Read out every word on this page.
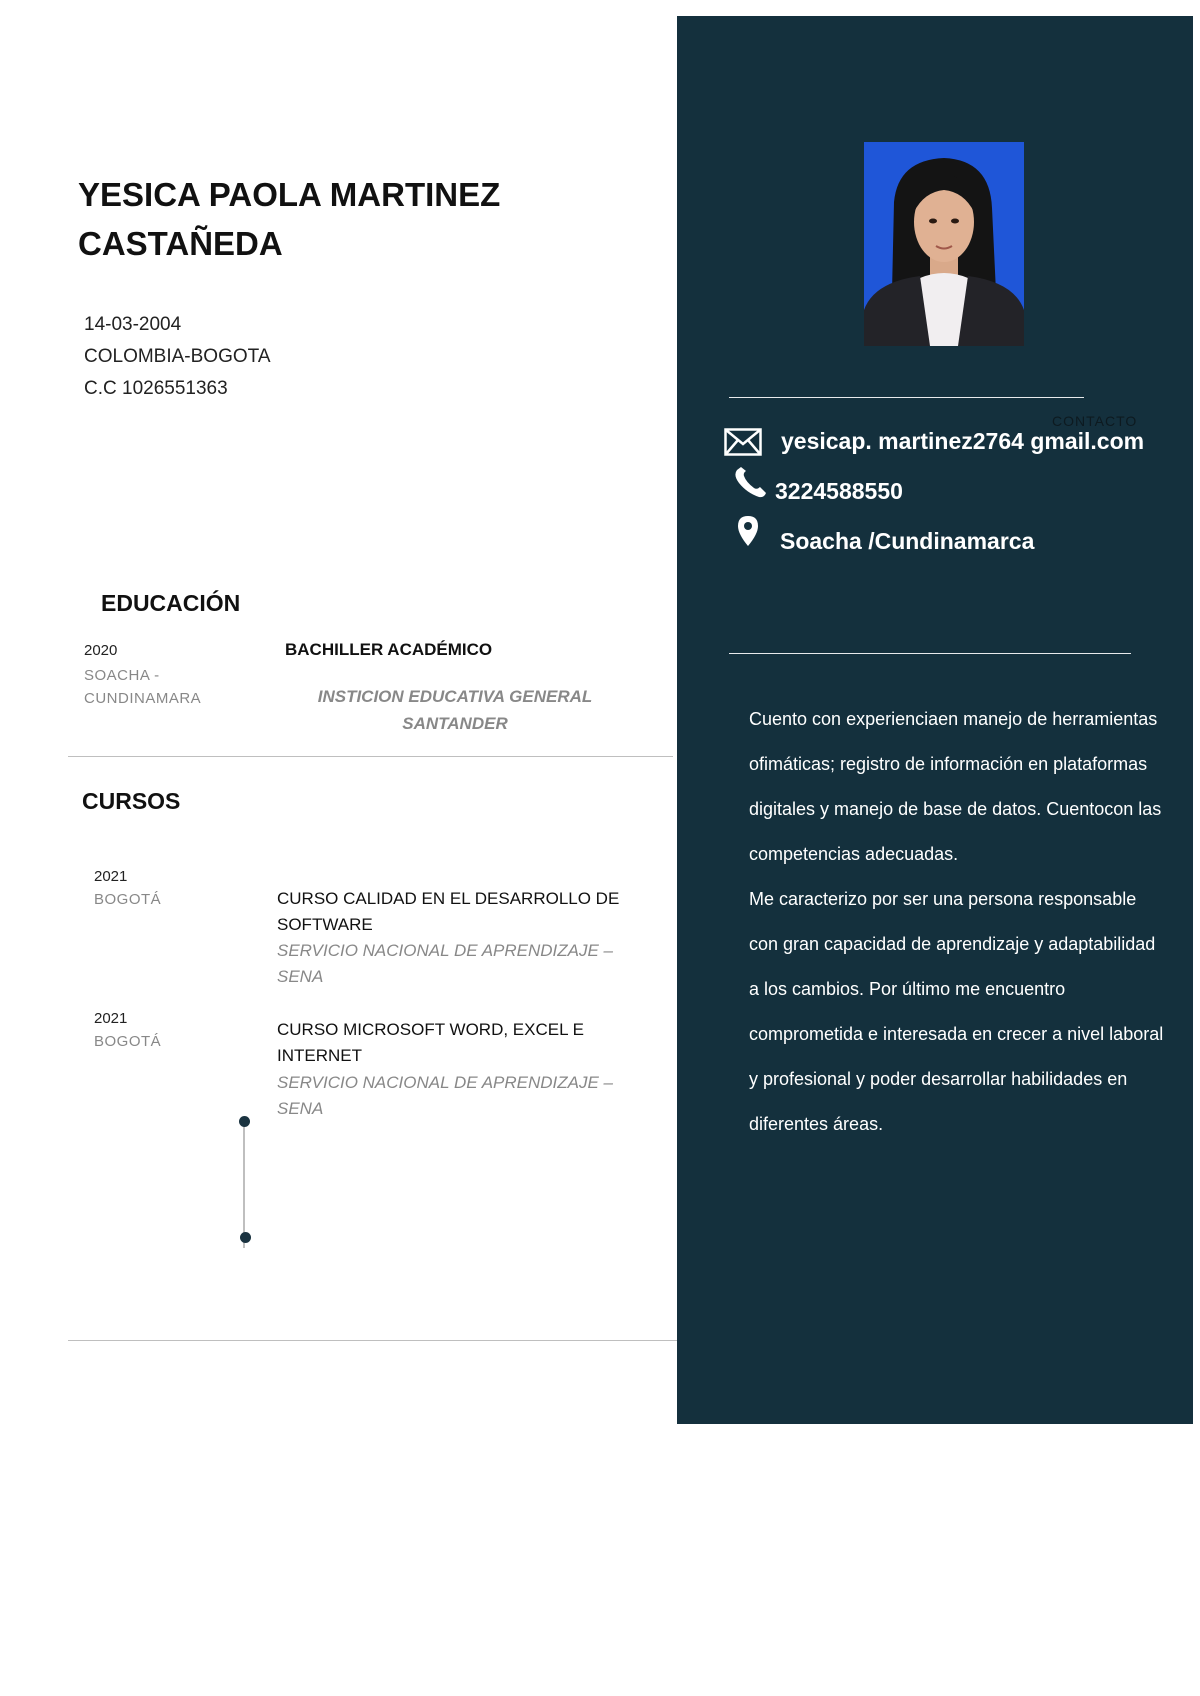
YESICA PAOLA MARTINEZ
CASTAÑEDA
14-03-2004
COLOMBIA-BOGOTA
C.C 1026551363
EDUCACIÓN
2020
SOACHA - CUNDINAMARA
BACHILLER ACADÉMICO
INSTICION EDUCATIVA GENERAL SANTANDER
CURSOS
2021
BOGOTÁ	CURSO CALIDAD EN EL DESARROLLO DE SOFTWARE
SERVICIO NACIONAL DE APRENDIZAJE – SENA
2021
BOGOTÁ
CURSO MICROSOFT WORD, EXCEL E INTERNET
SERVICIO NACIONAL DE APRENDIZAJE – SENA
CONTACTO
yesicap. martinez2764 gmail.com
3224588550
Soacha /Cundinamarca

Cuento con experienciaen manejo de herramientas ofimáticas; registro de información en plataformas digitales y manejo de base de datos. Cuentocon las competencias adecuadas.

Me caracterizo por ser una persona responsable con gran capacidad de aprendizaje y adaptabilidad a los cambios. Por último me encuentro comprometida e interesada en crecer a nivel laboral y profesional y poder desarrollar habilidades en diferentes áreas.
